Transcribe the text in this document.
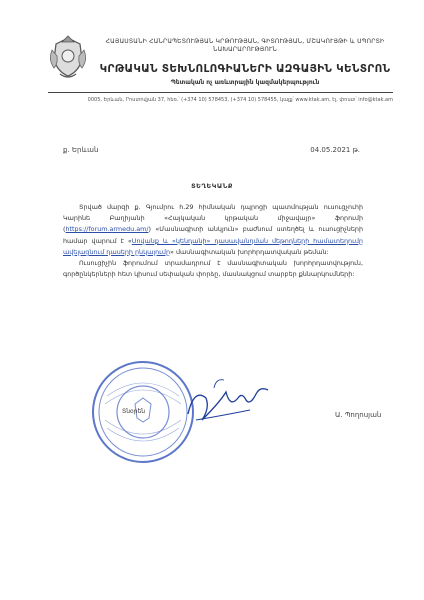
ՀԱՅԱՍՏԱՆԻ ՀԱՆՐԱՊԵՏՈՒԹՅԱՆ ԿՐԹՈՒԹՅԱՆ, ԳԻՏՈՒԹՅԱՆ, ՄՇԱԿՈՒՅԹԻ և ՍՊՈՐՏԻ
ՆԱԽԱՐԱՐՈՒԹՅՈՒՆ
ԿՐԹԱԿԱՆ ՏԵԽՆՈԼՈԳԻԱՆԵՐԻ ԱԶԳԱՅԻՆ ԿԵՆՏՐՈՆ
Պետական ոչ առևտրային կազմակերպություն
0005, Երևան, Րոստովյան 37, հեռ.՝ (+374 10) 578453, (+374 10) 578455, կայք՝ www.ktak.am, էլ. փոստ՝ info@ktak.am
ք. Երևան	04.05.2021 թ.
ՏԵՂԵԿԱՆՔ

Տրված մարզի ք. Գյումրու հ.29 հիմնական դպրոցի պատմության ուսուցչուհի Կարինե Բաղիյանի «Հայկական կրթական միջավայր» ֆորումի (https://forum.armedu.am/) «Մասնագիտի անկյուն» բաժնում ստեղծել և ուսուցիչների համար վարում է «Սովանք և «կենդանի» դասավանդման մեթոդների համատեղումը ավելացնում դասերի ընկալումը» մասնագիտական խորհրդատվական թեման:

Ուսուցիչին ֆորումում տրամադրում է մասնագիտական խորհրդատվություն, գործընկերների հետ կիսում սեփական փորձը, մասնակցում տարբեր քննարկումների:

Տնօրեն	Ա. Պողոսյան
